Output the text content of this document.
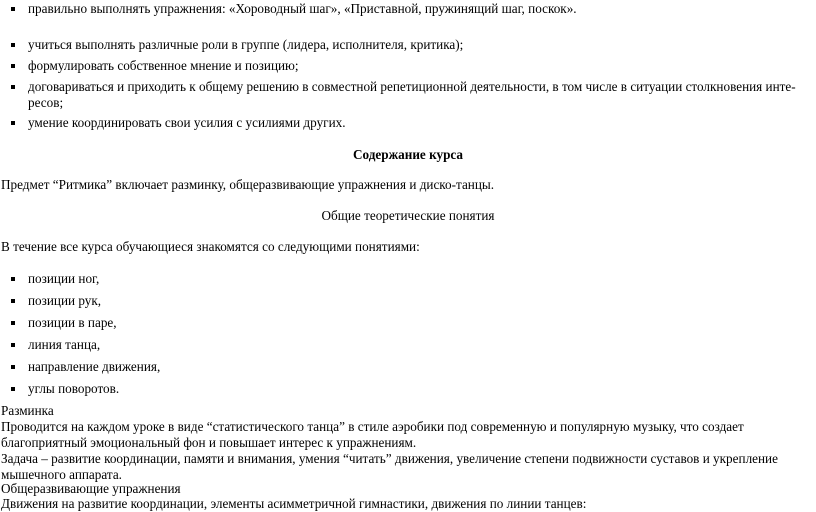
правильно выполнять упражнения: «Хороводный шаг», «Приставной, пружинящий шаг, поскок».
учиться выполнять различные роли в группе (лидера, исполнителя, критика);
формулировать собственное мнение и позицию;
договариваться и приходить к общему решению в совместной репетиционной деятельности, в том числе в ситуации столкновения инте-
ресов;
умение координировать свои усилия с усилиями других.
Содержание курса
Предмет “Ритмика” включает разминку, общеразвивающие упражнения и диско-танцы.
Общие теоретические понятия
В течение все курса обучающиеся знакомятся со следующими понятиями:
позиции ног,
позиции рук,
позиции в паре,
линия танца,
направление движения,
углы поворотов.
Разминка
Проводится на каждом уроке в виде “статистического танца” в стиле аэробики под современную и популярную музыку, что создает
благоприятный эмоциональный фон и повышает интерес к упражнениям.
Задача – развитие координации, памяти и внимания, умения “читать” движения, увеличение степени подвижности суставов и укрепление
мышечного аппарата.
Общеразвивающие упражнения
Движения на развитие координации, элементы асимметричной гимнастики, движения по линии танцев:
